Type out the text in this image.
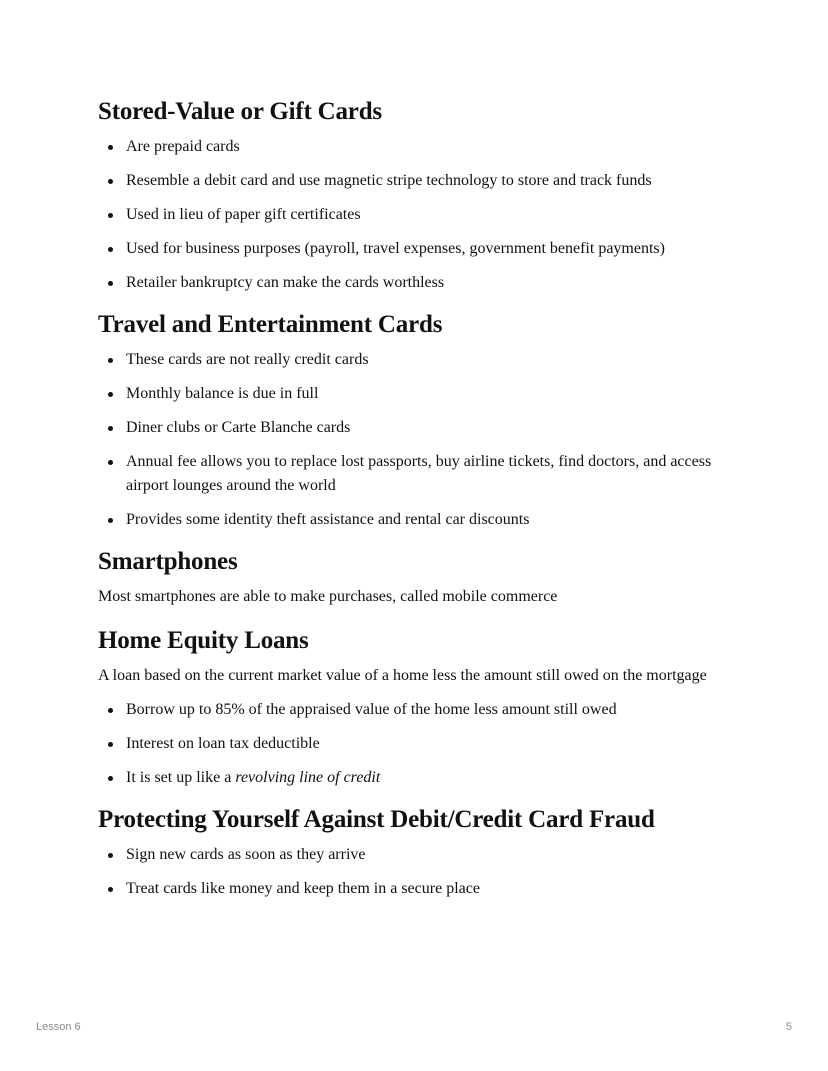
Stored-Value or Gift Cards
Are prepaid cards
Resemble a debit card and use magnetic stripe technology to store and track funds
Used in lieu of paper gift certificates
Used for business purposes (payroll, travel expenses, government benefit payments)
Retailer bankruptcy can make the cards worthless
Travel and Entertainment Cards
These cards are not really credit cards
Monthly balance is due in full
Diner clubs or Carte Blanche cards
Annual fee allows you to replace lost passports, buy airline tickets, find doctors, and access airport lounges around the world
Provides some identity theft assistance and rental car discounts
Smartphones

Most smartphones are able to make purchases, called mobile commerce

Home Equity Loans

A loan based on the current market value of a home less the amount still owed on the mortgage

Borrow up to 85% of the appraised value of the home less amount still owed
Interest on loan tax deductible
It is set up like a revolving line of credit
Protecting Yourself Against Debit/Credit Card Fraud
Sign new cards as soon as they arrive
Treat cards like money and keep them in a secure place
Lesson 6	5
